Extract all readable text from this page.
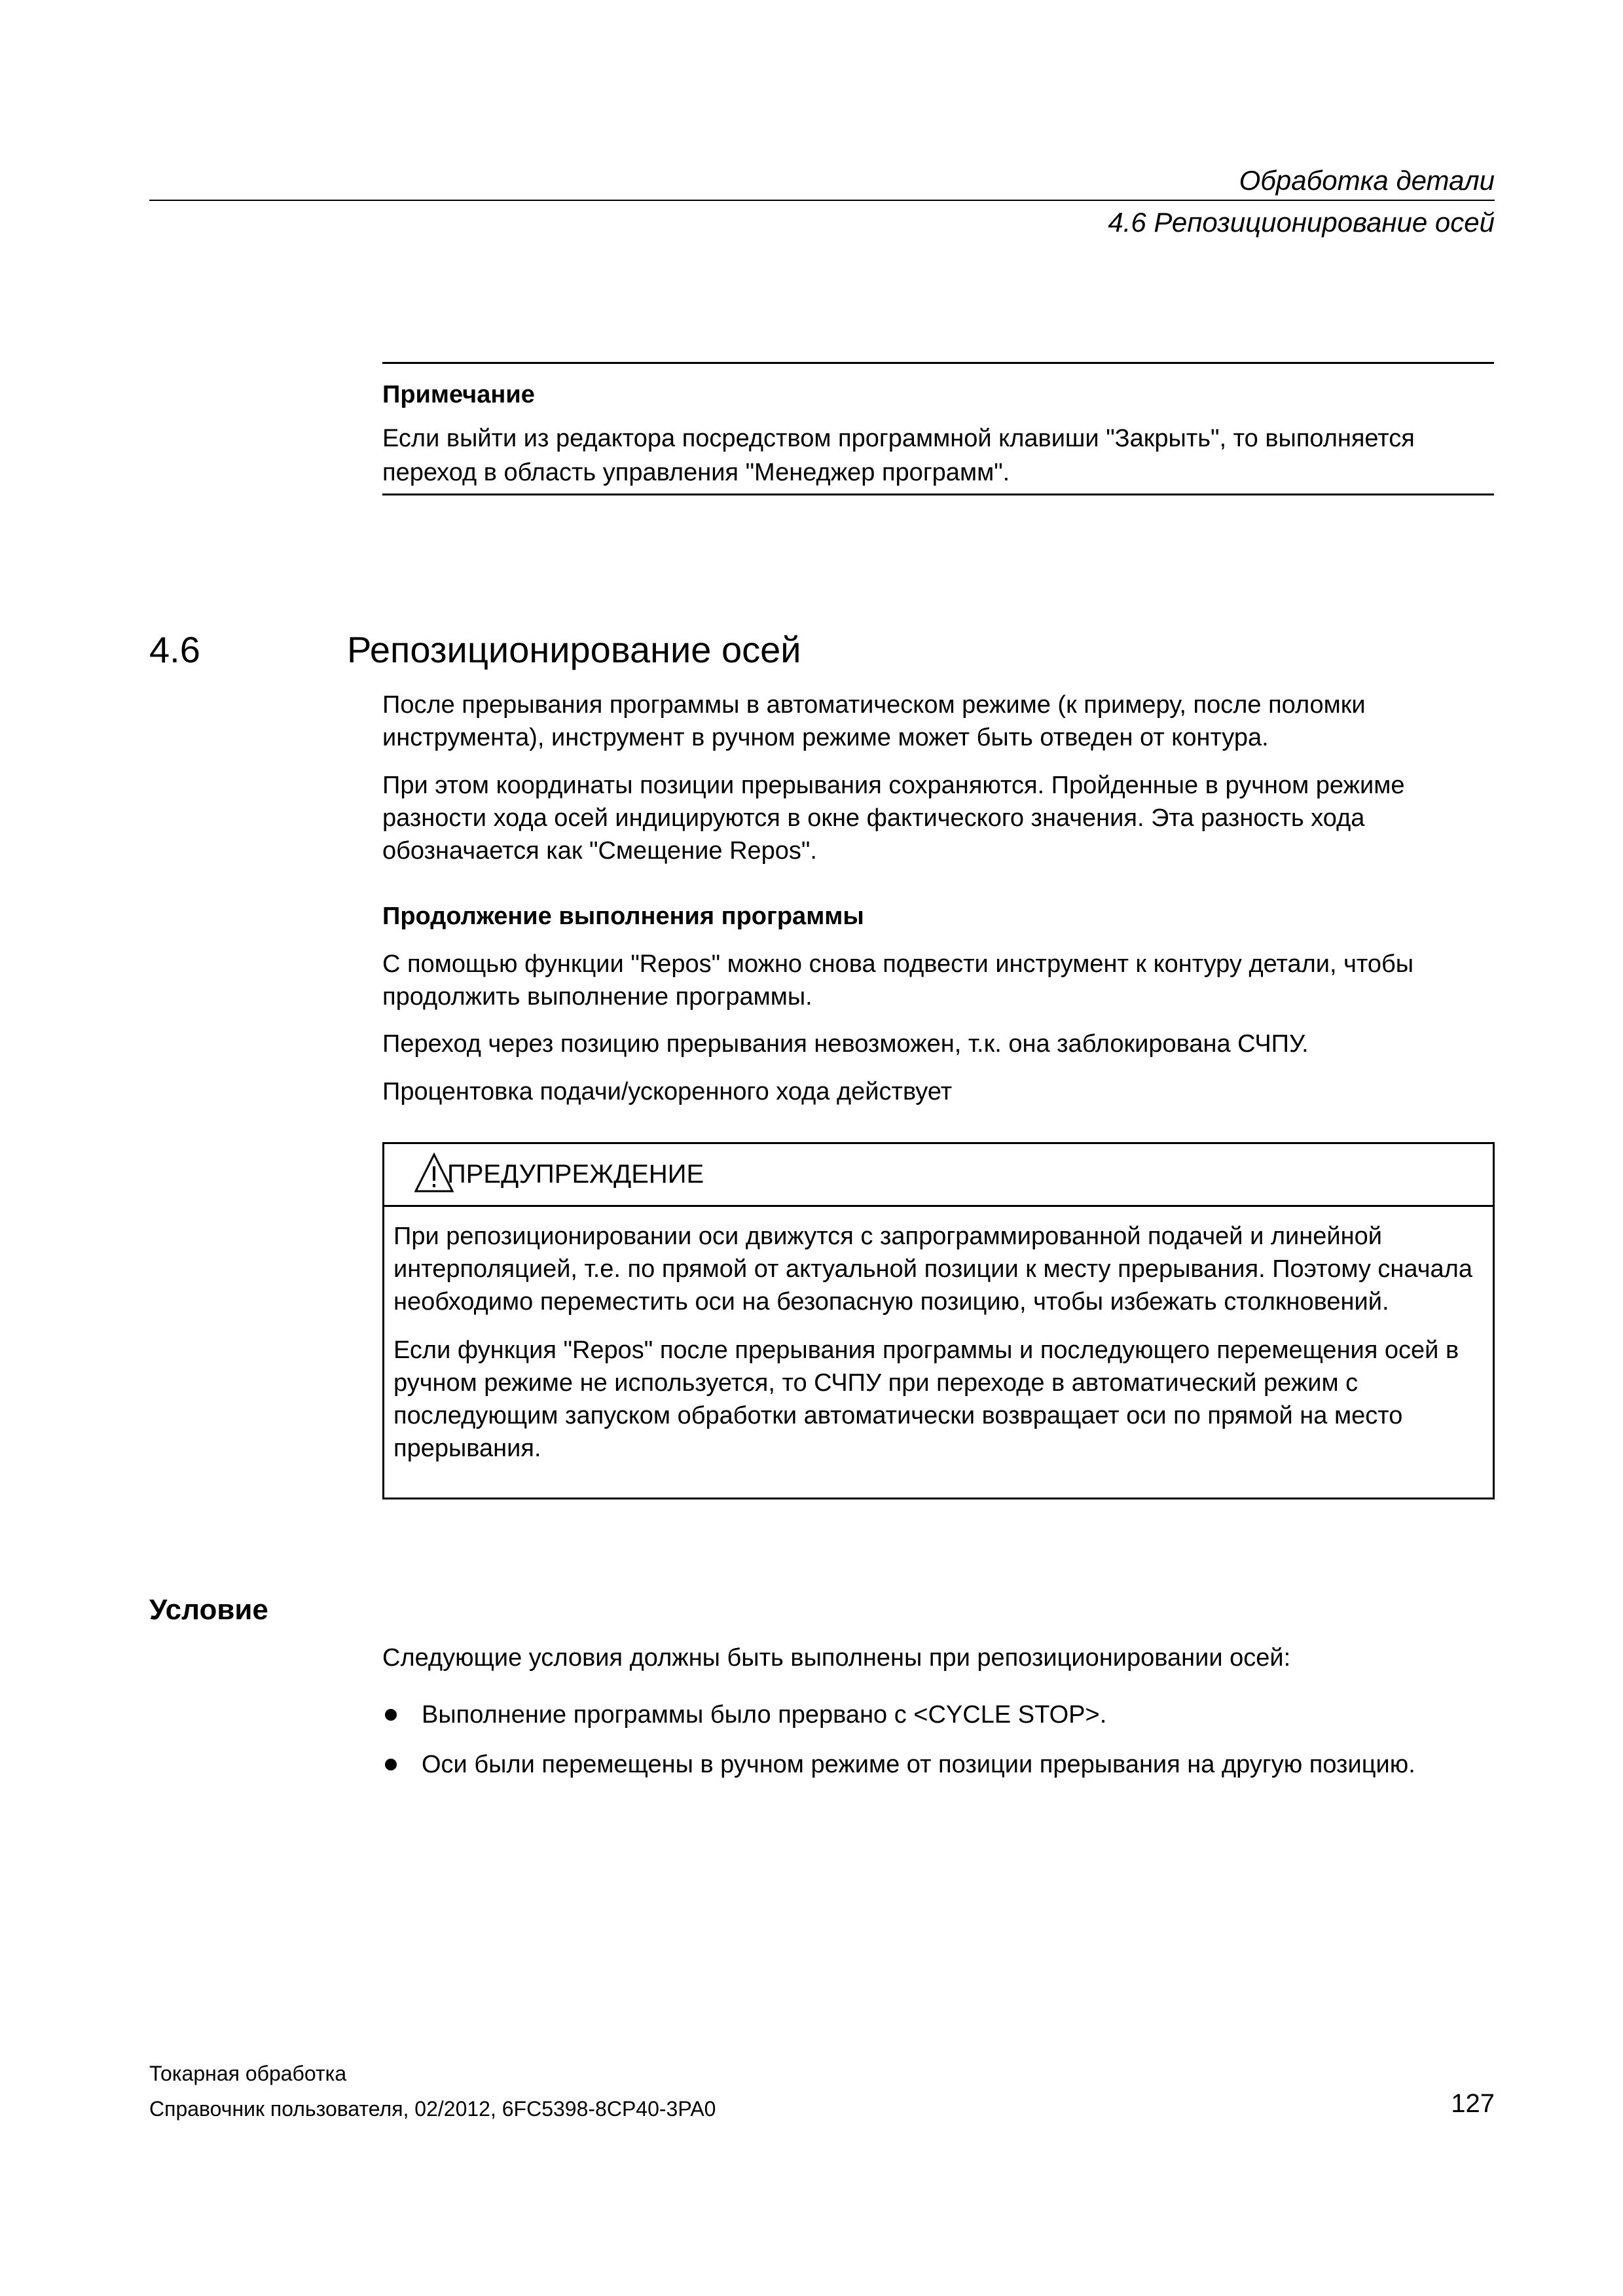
Обработка детали
4.6 Репозиционирование осей
Примечание
Если выйти из редактора посредством программной клавиши "Закрыть", то выполняется переход в область управления "Менеджер программ".
4.6	Репозиционирование осей
После прерывания программы в автоматическом режиме (к примеру, после поломки инструмента), инструмент в ручном режиме может быть отведен от контура.
При этом координаты позиции прерывания сохраняются. Пройденные в ручном режиме разности хода осей индицируются в окне фактического значения. Эта разность хода обозначается как "Смещение Repos".
Продолжение выполнения программы
С помощью функции "Repos" можно снова подвести инструмент к контуру детали, чтобы продолжить выполнение программы.
Переход через позицию прерывания невозможен, т.к. она заблокирована СЧПУ.
Процентовка подачи/ускоренного хода действует
ПРЕДУПРЕЖДЕНИЕ

При репозиционировании оси движутся с запрограммированной подачей и линейной интерполяцией, т.е. по прямой от актуальной позиции к месту прерывания. Поэтому сначала необходимо переместить оси на безопасную позицию, чтобы избежать столкновений.

Если функция "Repos" после прерывания программы и последующего перемещения осей в ручном режиме не используется, то СЧПУ при переходе в автоматический режим с последующим запуском обработки автоматически возвращает оси по прямой на место прерывания.

Условие
Следующие условия должны быть выполнены при репозиционировании осей:
Выполнение программы было прервано с <CYCLE STOP>.
Оси были перемещены в ручном режиме от позиции прерывания на другую позицию.
Токарная обработка
Справочник пользователя, 02/2012, 6FC5398-8CP40-3PA0	127
